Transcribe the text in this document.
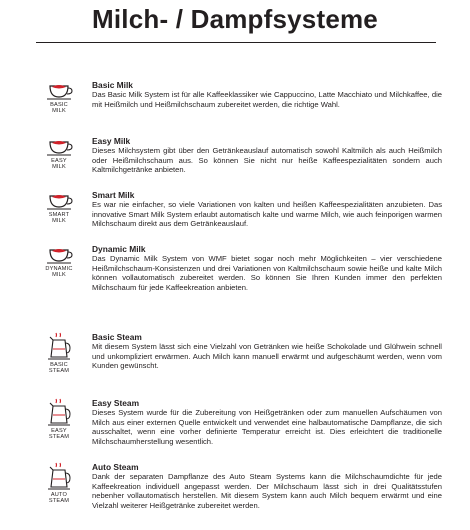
Milch- / Dampfsysteme
BASIC
MILK
Basic Milk
Das Basic Milk System ist für alle Kaffeeklassiker wie Cappuccino, Latte Macchiato und Milchkaffee, die mit Heißmilch und Heißmilchschaum zubereitet werden, die richtige Wahl.
EASY
MILK
Easy Milk
Dieses Milchsystem gibt über den Getränkeauslauf automatisch sowohl Kaltmilch als auch Heißmilch oder Heißmilchschaum aus. So können Sie nicht nur heiße Kaffeespezialitäten sondern auch Kaltmilchgetränke anbieten.
SMART
MILK
Smart Milk
Es war nie einfacher, so viele Variationen von kalten und heißen Kaffeespezialitäten anzubieten. Das innovative Smart Milk System erlaubt automatisch kalte und warme Milch, wie auch feinporigen warmen Milchschaum direkt aus dem Getränkeauslauf.
DYNAMIC
MILK
Dynamic Milk
Das Dynamic Milk System von WMF bietet sogar noch mehr Möglichkeiten – vier verschiedene Heißmilchschaum-Konsistenzen und drei Variationen von Kaltmilchschaum sowie heiße und kalte Milch können vollautomatisch zubereitet werden. So können Sie Ihren Kunden immer den perfekten Milchschaum für jede Kaffeekreation anbieten.
BASIC
STEAM
Basic Steam
Mit diesem System lässt sich eine Vielzahl von Getränken wie heiße Schokolade und Glühwein schnell und unkompliziert erwärmen. Auch Milch kann manuell erwärmt und aufgeschäumt werden, wenn vom Kunden gewünscht.
EASY
STEAM
Easy Steam
Dieses System wurde für die Zubereitung von Heißgetränken oder zum manuellen Aufschäumen von Milch aus einer externen Quelle entwickelt und verwendet eine halbautomatische Dampflanze, die sich ausschaltet, wenn eine vorher definierte Temperatur erreicht ist. Dies erleichtert die traditionelle Milchschaumherstellung wesentlich.
AUTO
STEAM
Auto Steam
Dank der separaten Dampflanze des Auto Steam Systems kann die Milchschaumdichte für jede Kaffeekreation individuell angepasst werden. Der Milchschaum lässt sich in drei Qualitätsstufen nebenher vollautomatisch herstellen. Mit diesem System kann auch Milch bequem erwärmt und eine Vielzahl weiterer Heißgetränke zubereitet werden.
